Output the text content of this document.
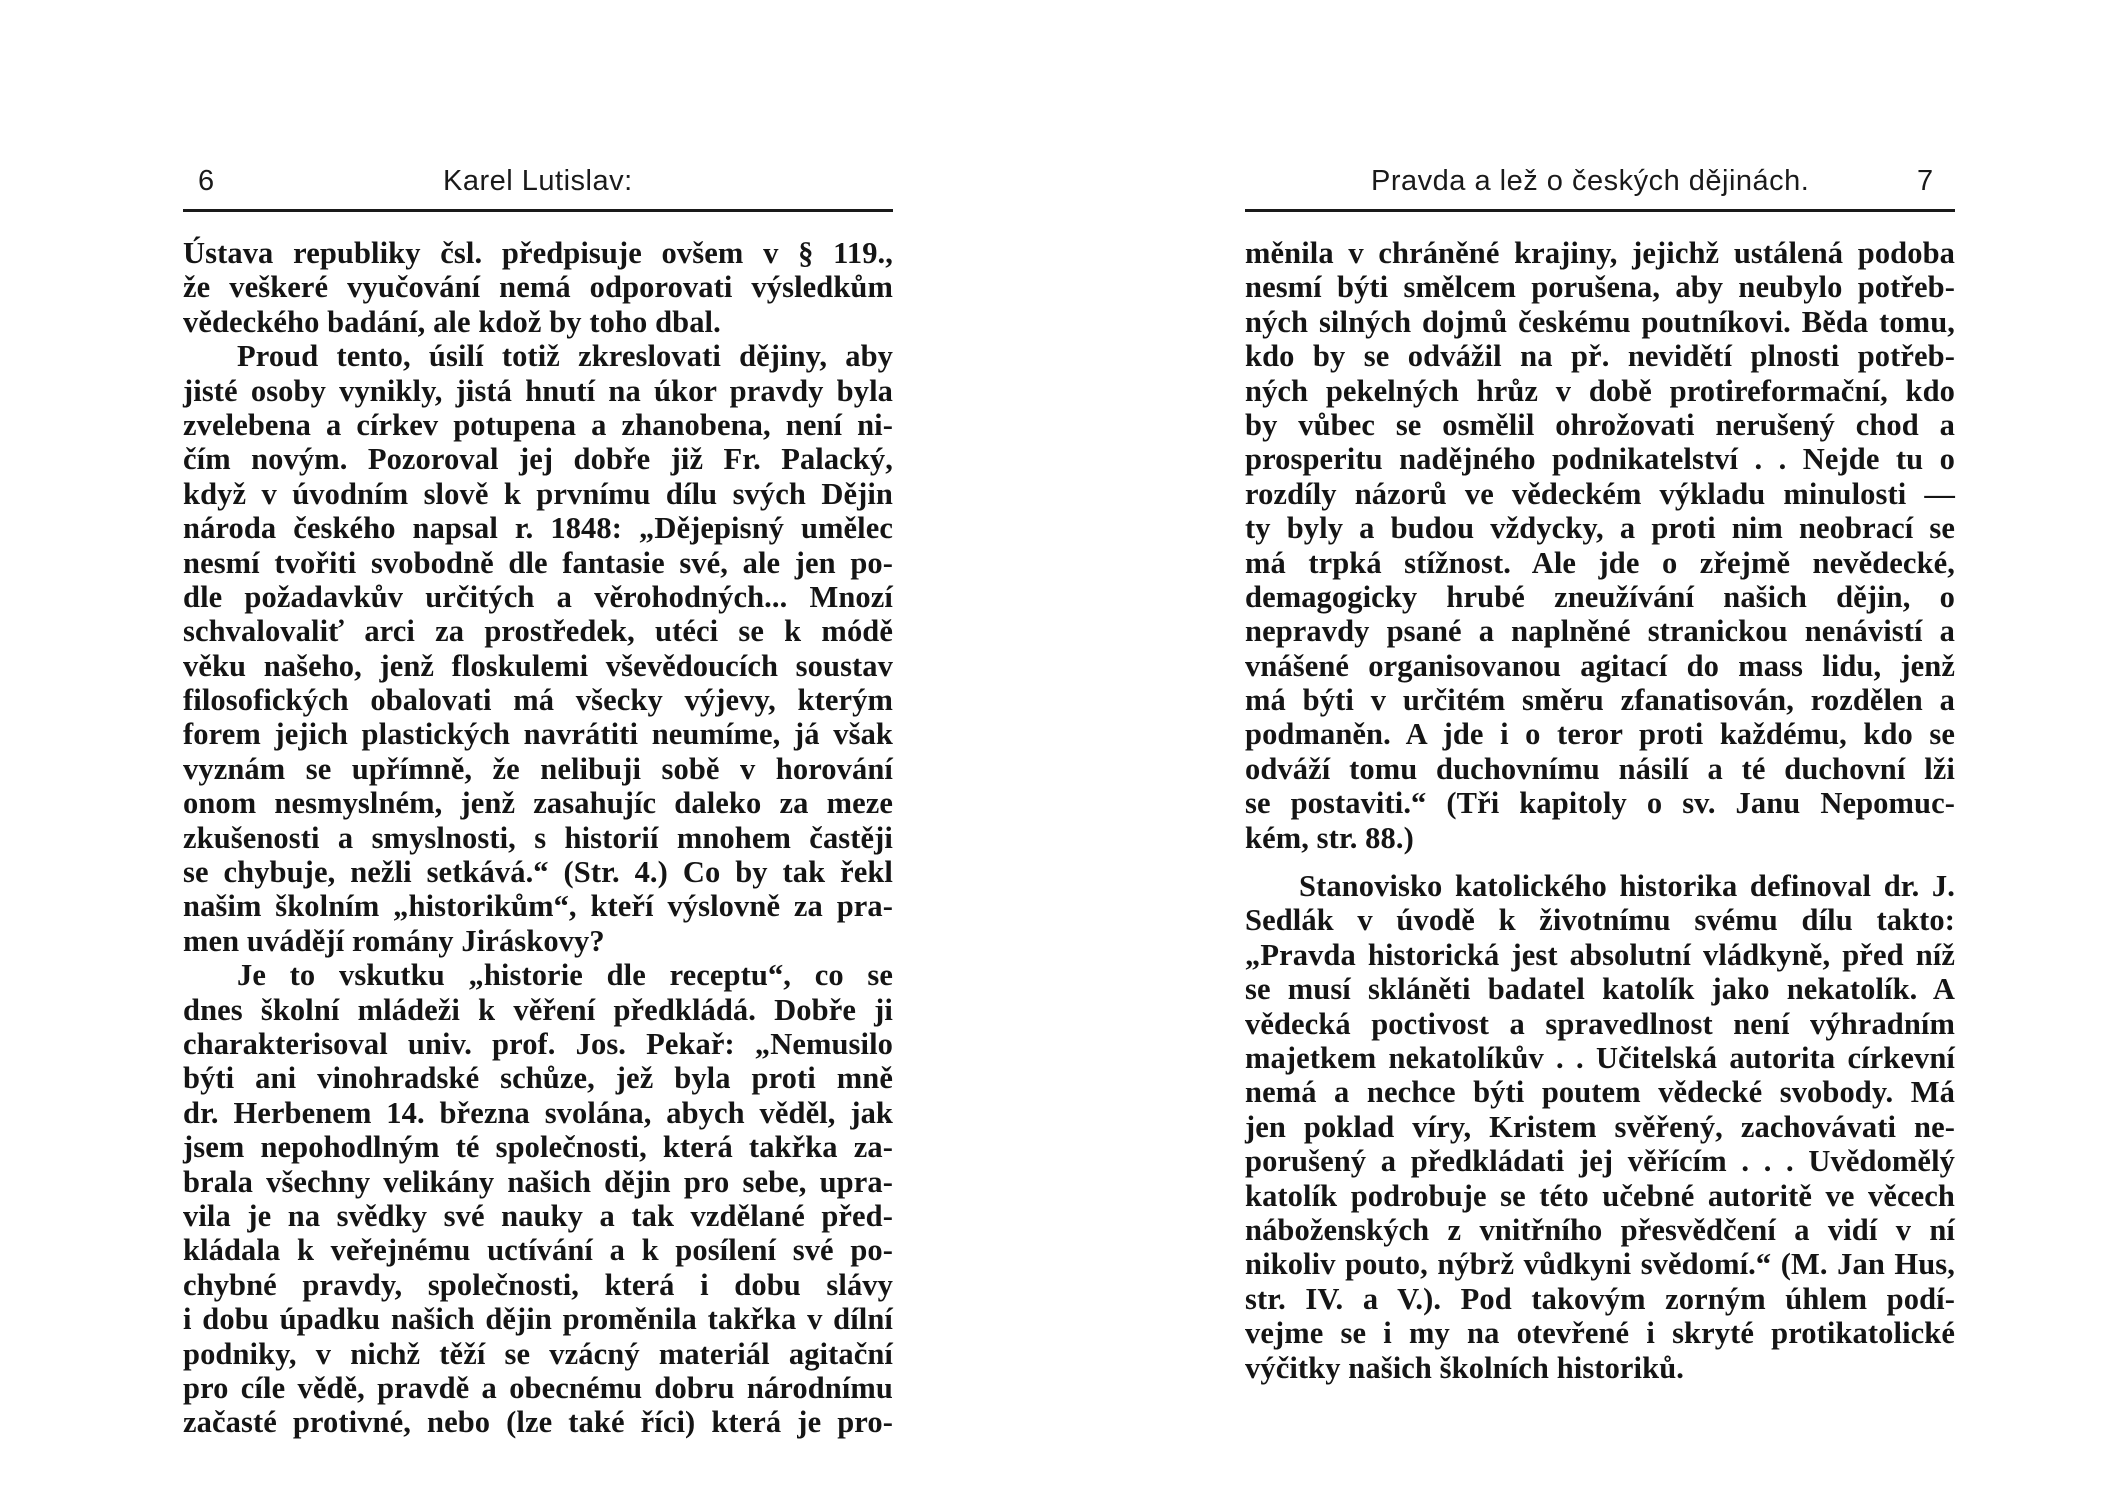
6	Karel Lutislav:
Ústava republiky čsl. předpisuje ovšem v § 119.,
že veškeré vyučování nemá odporovati výsledkům
vědeckého badání, ale kdož by toho dbal.
Proud tento, úsilí totiž zkreslovati dějiny, aby
jisté osoby vynikly, jistá hnutí na úkor pravdy byla
zvelebena a církev potupena a zhanobena, není ni-
čím novým. Pozoroval jej dobře již Fr. Palacký,
když v úvodním slově k prvnímu dílu svých Dějin
národa českého napsal r. 1848: „Dějepisný umělec
nesmí tvořiti svobodně dle fantasie své, ale jen po-
dle požadavkův určitých a věrohodných... Mnozí
schvalovaliť arci za prostředek, utéci se k módě
věku našeho, jenž floskulemi vševědoucích soustav
filosofických obalovati má všecky výjevy, kterým
forem jejich plastických navrátiti neumíme, já však
vyznám se upřímně, že nelibuji sobě v horování
onom nesmyslném, jenž zasahujíc daleko za meze
zkušenosti a smyslnosti, s historií mnohem častěji
se chybuje, nežli setkává.“ (Str. 4.) Co by tak řekl
našim školním „historikům“, kteří výslovně za pra-
men uvádějí romány Jiráskovy?
Je to vskutku „historie dle receptu“, co se
dnes školní mládeži k věření předkládá. Dobře ji
charakterisoval univ. prof. Jos. Pekař: „Nemusilo
býti ani vinohradské schůze, jež byla proti mně
dr. Herbenem 14. března svolána, abych věděl, jak
jsem nepohodlným té společnosti, která takřka za-
brala všechny velikány našich dějin pro sebe, upra-
vila je na svědky své nauky a tak vzdělané před-
kládala k veřejnému uctívání a k posílení své po-
chybné pravdy, společnosti, která i dobu slávy
i dobu úpadku našich dějin proměnila takřka v dílní
podniky, v nichž těží se vzácný materiál agitační
pro cíle vědě, pravdě a obecnému dobru národnímu
začasté protivné, nebo (lze také říci) která je pro-
Pravda a lež o českých dějinách.	7
měnila v chráněné krajiny, jejichž ustálená podoba
nesmí býti smělcem porušena, aby neubylo potřeb-
ných silných dojmů českému poutníkovi. Běda tomu,
kdo by se odvážil na př. nevidětí plnosti potřeb-
ných pekelných hrůz v době protireformační, kdo
by vůbec se osmělil ohrožovati nerušený chod a
prosperitu nadějného podnikatelství . . Nejde tu o
rozdíly názorů ve vědeckém výkladu minulosti —
ty byly a budou vždycky, a proti nim neobrací se
má trpká stížnost. Ale jde o zřejmě nevědecké,
demagogicky hrubé zneužívání našich dějin, o
nepravdy psané a naplněné stranickou nenávistí a
vnášené organisovanou agitací do mass lidu, jenž
má býti v určitém směru zfanatisován, rozdělen a
podmaněn. A jde i o teror proti každému, kdo se
odváží tomu duchovnímu násilí a té duchovní lži
se postaviti.“ (Tři kapitoly o sv. Janu Nepomuc-
kém, str. 88.)
Stanovisko katolického historika definoval dr. J.
Sedlák v úvodě k životnímu svému dílu takto:
„Pravda historická jest absolutní vládkyně, před níž
se musí skláněti badatel katolík jako nekatolík. A
vědecká poctivost a spravedlnost není výhradním
majetkem nekatolíkův . . Učitelská autorita církevní
nemá a nechce býti poutem vědecké svobody. Má
jen poklad víry, Kristem svěřený, zachovávati ne-
porušený a předkládati jej věřícím . . . Uvědomělý
katolík podrobuje se této učebné autoritě ve věcech
náboženských z vnitřního přesvědčení a vidí v ní
nikoliv pouto, nýbrž vůdkyni svědomí.“ (M. Jan Hus,
str. IV. a V.). Pod takovým zorným úhlem podí-
vejme se i my na otevřené i skryté protikatolické
výčitky našich školních historiků.
